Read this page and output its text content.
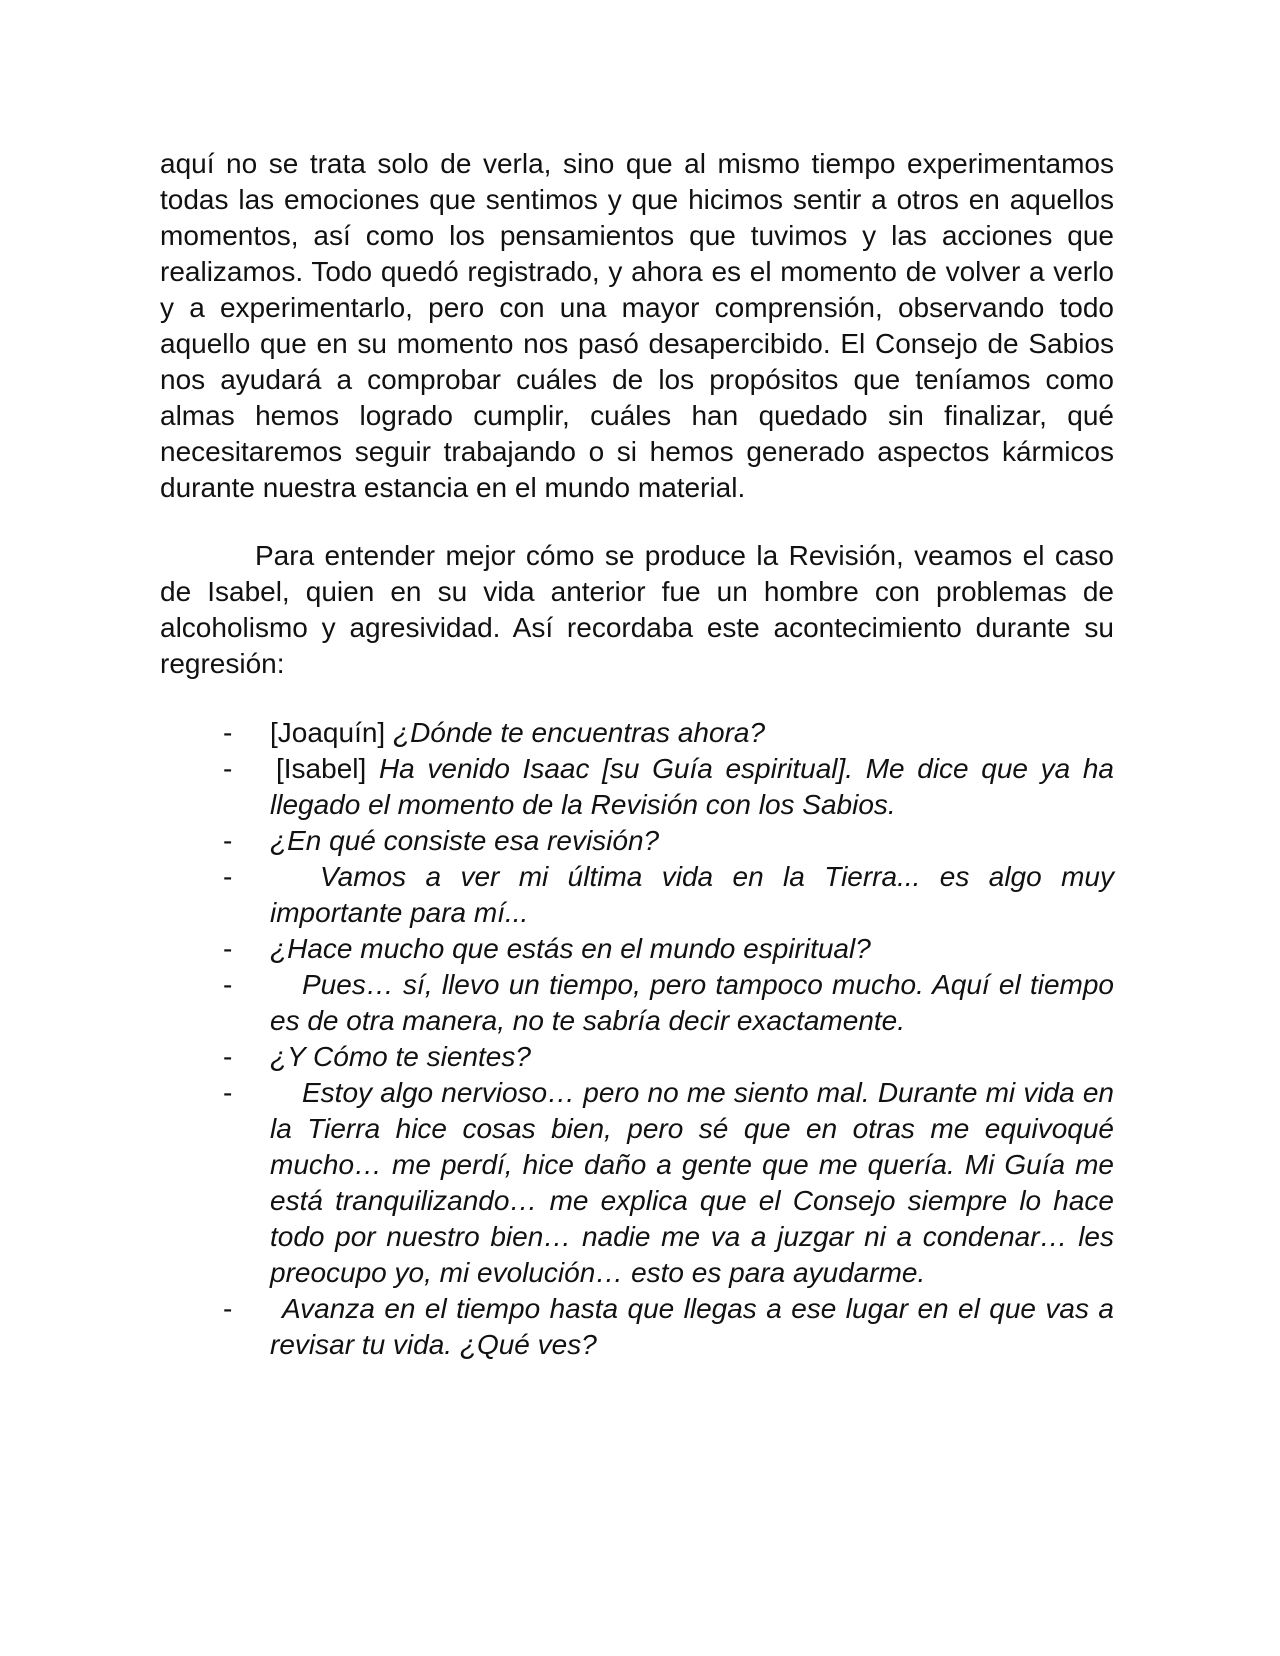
aquí no se trata solo de verla, sino que al mismo tiempo experimentamos todas las emociones que sentimos y que hicimos sentir a otros en aquellos momentos, así como los pensamientos que tuvimos y las acciones que realizamos. Todo quedó registrado, y ahora es el momento de volver a verlo y a experimentarlo, pero con una mayor comprensión, observando todo aquello que en su momento nos pasó desapercibido. El Consejo de Sabios nos ayudará a comprobar cuáles de los propósitos que teníamos como almas hemos logrado cumplir, cuáles han quedado sin finalizar, qué necesitaremos seguir trabajando o si hemos generado aspectos kármicos durante nuestra estancia en el mundo material.

Para entender mejor cómo se produce la Revisión, veamos el caso de Isabel, quien en su vida anterior fue un hombre con problemas de alcoholismo y agresividad. Así recordaba este acontecimiento durante su regresión:

- [Joaquín] ¿Dónde te encuentras ahora?
- [Isabel] Ha venido Isaac [su Guía espiritual]. Me dice que ya ha llegado el momento de la Revisión con los Sabios.
- ¿En qué consiste esa revisión?
-	Vamos a ver mi última vida en la Tierra... es algo muy importante para mí...
- ¿Hace mucho que estás en el mundo espiritual?
- Pues… sí, llevo un tiempo, pero tampoco mucho. Aquí el tiempo es de otra manera, no te sabría decir exactamente.
- ¿Y Cómo te sientes?
- Estoy algo nervioso… pero no me siento mal. Durante mi vida en la Tierra hice cosas bien, pero sé que en otras me equivoqué mucho… me perdí, hice daño a gente que me quería. Mi Guía me está tranquilizando… me explica que el Consejo siempre lo hace todo por nuestro bien… nadie me va a juzgar ni a condenar… les preocupo yo, mi evolución… esto es para ayudarme.
- Avanza en el tiempo hasta que llegas a ese lugar en el que vas a revisar tu vida. ¿Qué ves?
